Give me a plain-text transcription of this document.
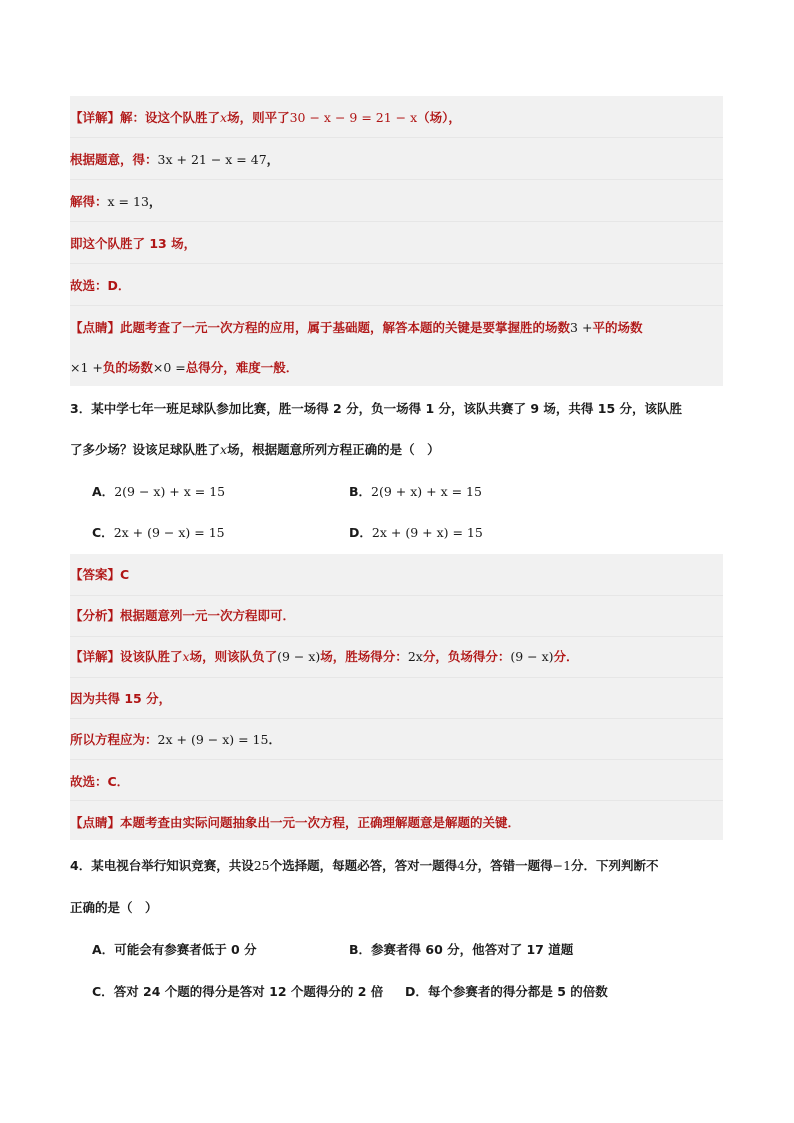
【详解】解：设这个队胜了x场，则平了30 − x − 9 = 21 − x（场），
根据题意，得：3x + 21 − x = 47，
解得：x = 13，
即这个队胜了 13 场，
故选：D．
【点睛】此题考查了一元一次方程的应用，属于基础题，解答本题的关键是要掌握胜的场数3 +平的场数
×1 +负的场数×0 =总得分，难度一般．
3．某中学七年一班足球队参加比赛，胜一场得 2 分，负一场得 1 分，该队共赛了 9 场，共得 15 分，该队胜
了多少场？设该足球队胜了x场，根据题意所列方程正确的是（　）
A．2(9 − x) + x = 15	B．2(9 + x) + x = 15
C．2x + (9 − x) = 15	D．2x + (9 + x) = 15
【答案】C
【分析】根据题意列一元一次方程即可．
【详解】设该队胜了x场，则该队负了(9 − x)场，胜场得分：2x分，负场得分：(9 − x)分．
因为共得 15 分，
所以方程应为：2x + (9 − x) = 15．
故选：C．
【点睛】本题考查由实际问题抽象出一元一次方程，正确理解题意是解题的关键．
4．某电视台举行知识竞赛，共设25个选择题，每题必答，答对一题得4分，答错一题得−1分．下列判断不
正确的是（　）
A．可能会有参赛者低于 0 分	B．参赛者得 60 分，他答对了 17 道题
C．答对 24 个题的得分是答对 12 个题得分的 2 倍 D．每个参赛者的得分都是 5 的倍数
